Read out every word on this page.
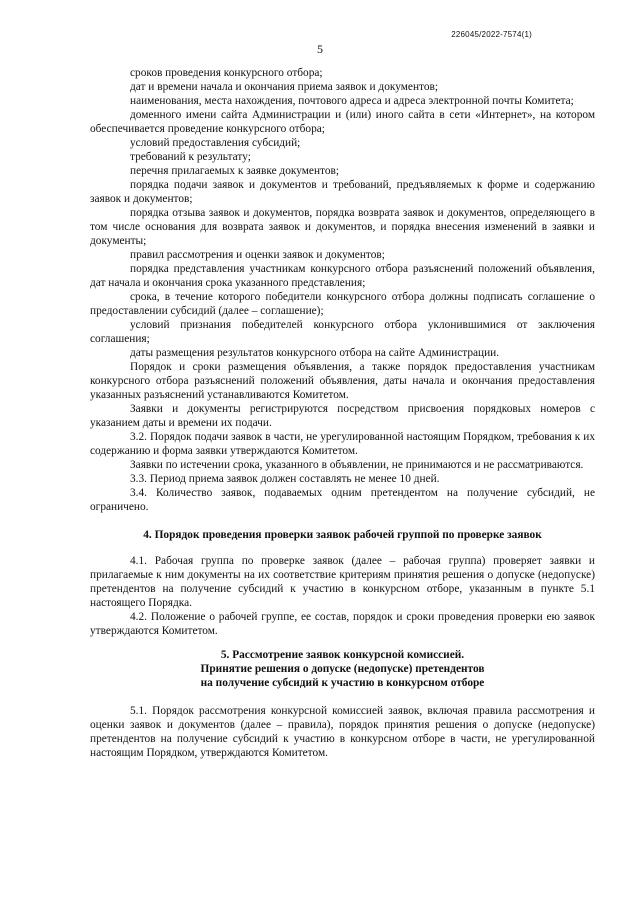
226045/2022-7574(1)
5

сроков проведения конкурсного отбора;

дат и времени начала и окончания приема заявок и документов;

наименования, места нахождения, почтового адреса и адреса электронной почты Комитета;

доменного имени сайта Администрации и (или) иного сайта в сети «Интернет», на котором обеспечивается проведение конкурсного отбора;

условий предоставления субсидий;

требований к результату;

перечня прилагаемых к заявке документов;

порядка подачи заявок и документов и требований, предъявляемых к форме и содержанию заявок и документов;

порядка отзыва заявок и документов, порядка возврата заявок и документов, определяющего в том числе основания для возврата заявок и документов, и порядка внесения изменений в заявки и документы;

правил рассмотрения и оценки заявок и документов;

порядка представления участникам конкурсного отбора разъяснений положений объявления, дат начала и окончания срока указанного представления;

срока, в течение которого победители конкурсного отбора должны подписать соглашение о предоставлении субсидий (далее – соглашение);

условий признания победителей конкурсного отбора уклонившимися от заключения соглашения;

даты размещения результатов конкурсного отбора на сайте Администрации.

Порядок и сроки размещения объявления, а также порядок предоставления участникам конкурсного отбора разъяснений положений объявления, даты начала и окончания предоставления указанных разъяснений устанавливаются Комитетом.

Заявки и документы регистрируются посредством присвоения порядковых номеров с указанием даты и времени их подачи.

3.2. Порядок подачи заявок в части, не урегулированной настоящим Порядком, требования к их содержанию и форма заявки утверждаются Комитетом.

Заявки по истечении срока, указанного в объявлении, не принимаются и не рассматриваются.

3.3. Период приема заявок должен составлять не менее 10 дней.

3.4. Количество заявок, подаваемых одним претендентом на получение субсидий, не ограничено.

4. Порядок проведения проверки заявок рабочей группой по проверке заявок

4.1. Рабочая группа по проверке заявок (далее – рабочая группа) проверяет заявки и прилагаемые к ним документы на их соответствие критериям принятия решения о допуске (недопуске) претендентов на получение субсидий к участию в конкурсном отборе, указанным в пункте 5.1 настоящего Порядка.

4.2. Положение о рабочей группе, ее состав, порядок и сроки проведения проверки ею заявок утверждаются Комитетом.

5. Рассмотрение заявок конкурсной комиссией.
Принятие решения о допуске (недопуске) претендентов
на получение субсидий к участию в конкурсном отборе

5.1. Порядок рассмотрения конкурсной комиссией заявок, включая правила рассмотрения и оценки заявок и документов (далее – правила), порядок принятия решения о допуске (недопуске) претендентов на получение субсидий к участию в конкурсном отборе в части, не урегулированной настоящим Порядком, утверждаются Комитетом.
